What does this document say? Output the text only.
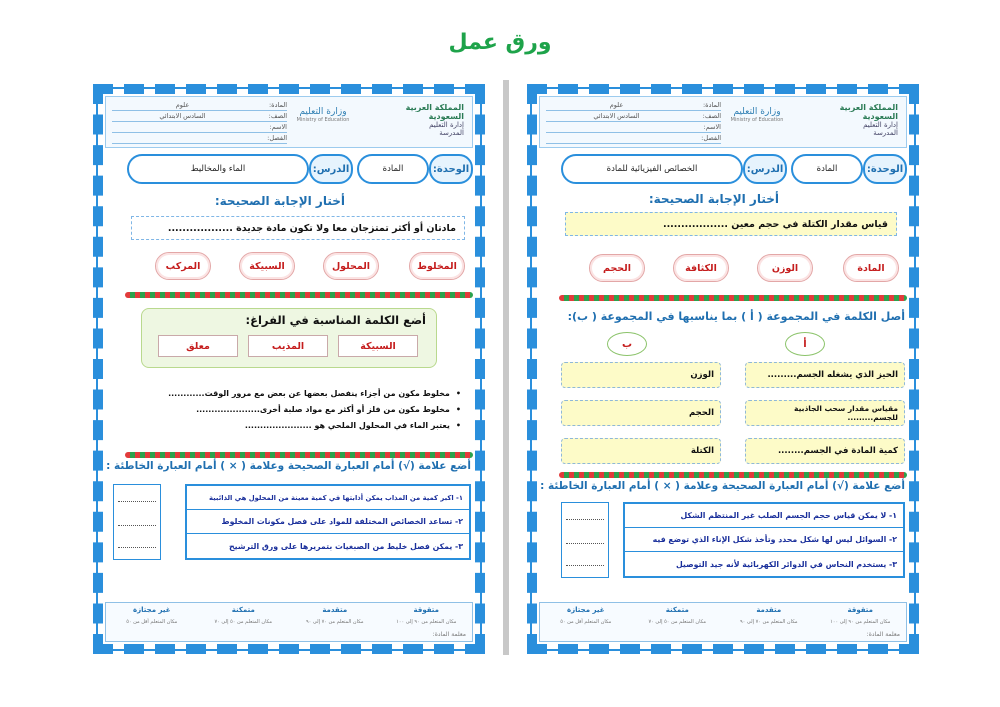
ورق عمل
المملكة العربية السعودية
إدارة التعليم
المدرسة
وزارة التعليم
Ministry of Education
المادة:
علوم
الصف:
السادس الابتدائي
الاسم:
الفصل:
الوحدة:
المادة
الدرس:
الخصائص الفيزيائية للمادة
أختار الإجابة الصحيحة:
قياس مقدار الكتلة في حجم معين ..................
المادة
الوزن
الكثافة
الحجم
أصل الكلمة في المجموعة ( أ ) بما يناسبها في المجموعة ( ب):
أ
ب
الحيز الذي يشغله الجسم.........
الوزن
مقياس مقدار سحب الجاذبية للجسم.........
الحجم
كمية المادة في الجسم........
الكتلة
أضع علامة (√) أمام العبارة الصحيحة وعلامة ( × ) أمام العبارة الخاطئة :
١- لا يمكن قياس حجم الجسم الصلب غير المنتظم الشكل
٢- السوائل ليس لها شكل محدد وتأخذ شكل الإناء الذي توضع فيه
٣- يستخدم النحاس في الدوائر الكهربائية لأنه جيد التوصيل
متقوقة
متقدمة
متمكنة
غير مجتازة
مكان المتعلم من ٩٠ إلى ١٠٠
مكان المتعلم من ٧٠ إلى ٩٠
مكان المتعلم من ٥٠ إلى ٧٠
مكان المتعلم أقل من ٥٠
معلمة المادة:
المملكة العربية السعودية
إدارة التعليم
المدرسة
وزارة التعليم
Ministry of Education
المادة:
علوم
الصف:
السادس الابتدائي
الاسم:
الفصل:
الوحدة:
المادة
الدرس:
الماء والمخاليط
أختار الإجابة الصحيحة:
مادتان أو أكثر تمتزجان معا ولا تكون مادة جديدة ..................
المخلوط
المحلول
السبيكة
المركب
أضع الكلمة المناسبة في الفراغ:
السبيكة
المذيب
معلق
• مخلوط مكون من أجزاء ينفصل بعضها عن بعض مع مرور الوقت............
• مخلوط مكون من فلز أو أكثر مع مواد صلبة أخرى.....................
• يعتبر الماء في المحلول الملحي هو ......................
أضع علامة (√) أمام العبارة الصحيحة وعلامة ( × ) أمام العبارة الخاطئة :
١- اكبر كمية من المذاب يمكن أذابتها في كمية معينة من المحلول هي الذائبية
٢- تساعد الخصائص المختلفة للمواد على فصل مكونات المخلوط
٣- يمكن فصل خليط من الصبغيات بتمريرها على ورق الترشيح
متقوقة
متقدمة
متمكنة
غير مجتازة
مكان المتعلم من ٩٠ إلى ١٠٠
مكان المتعلم من ٧٠ إلى ٩٠
مكان المتعلم من ٥٠ إلى ٧٠
مكان المتعلم أقل من ٥٠
معلمة المادة:
